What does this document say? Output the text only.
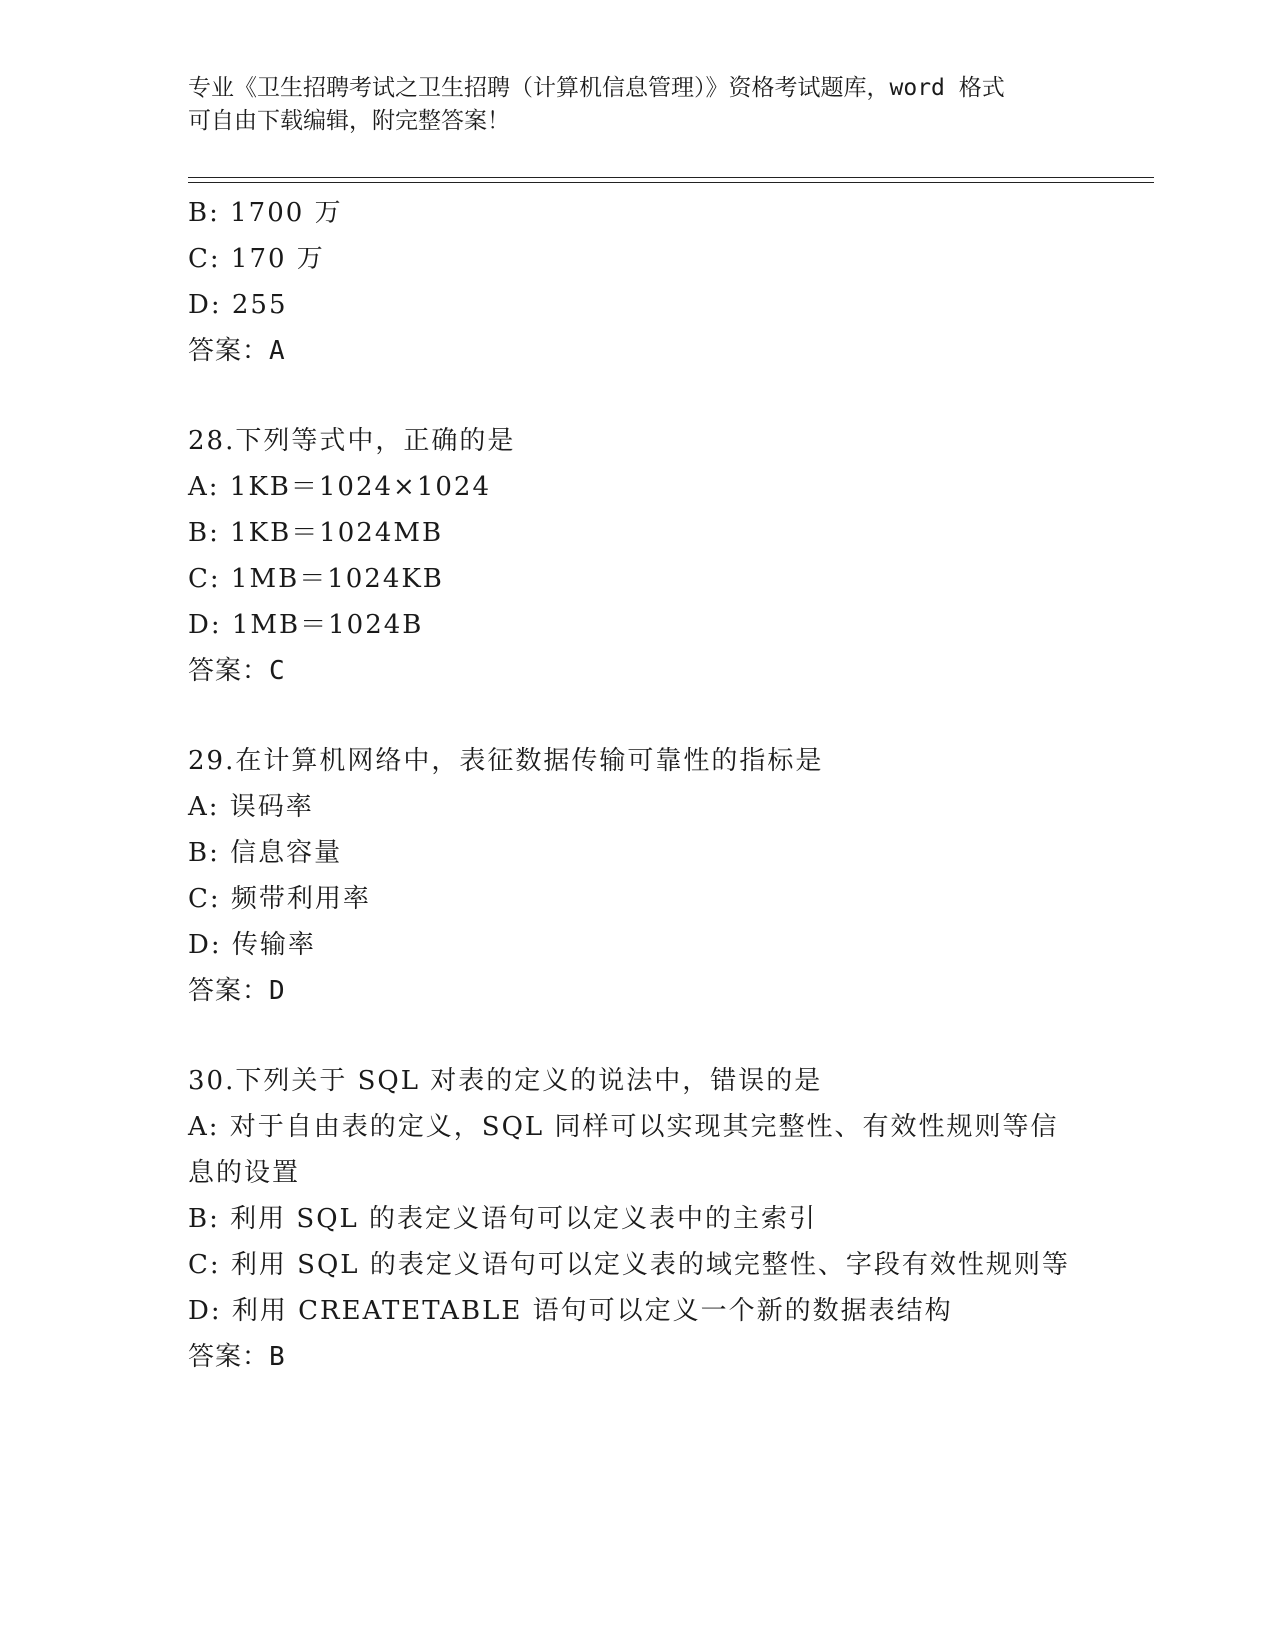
专业《卫生招聘考试之卫生招聘（计算机信息管理）》资格考试题库，word 格式
可自由下载编辑，附完整答案！
B: 1700 万
C: 170 万
D: 255
答案：A
28.下列等式中，正确的是
A: 1KB＝1024×1024
B: 1KB＝1024MB
C: 1MB＝1024KB
D: 1MB＝1024B
答案：C
29.在计算机网络中，表征数据传输可靠性的指标是
A: 误码率
B: 信息容量
C: 频带利用率
D: 传输率
答案：D
30.下列关于 SQL 对表的定义的说法中，错误的是
A: 对于自由表的定义，SQL 同样可以实现其完整性、有效性规则等信息的设置
B: 利用 SQL 的表定义语句可以定义表中的主索引
C: 利用 SQL 的表定义语句可以定义表的域完整性、字段有效性规则等
D: 利用 CREATETABLE 语句可以定义一个新的数据表结构
答案：B
